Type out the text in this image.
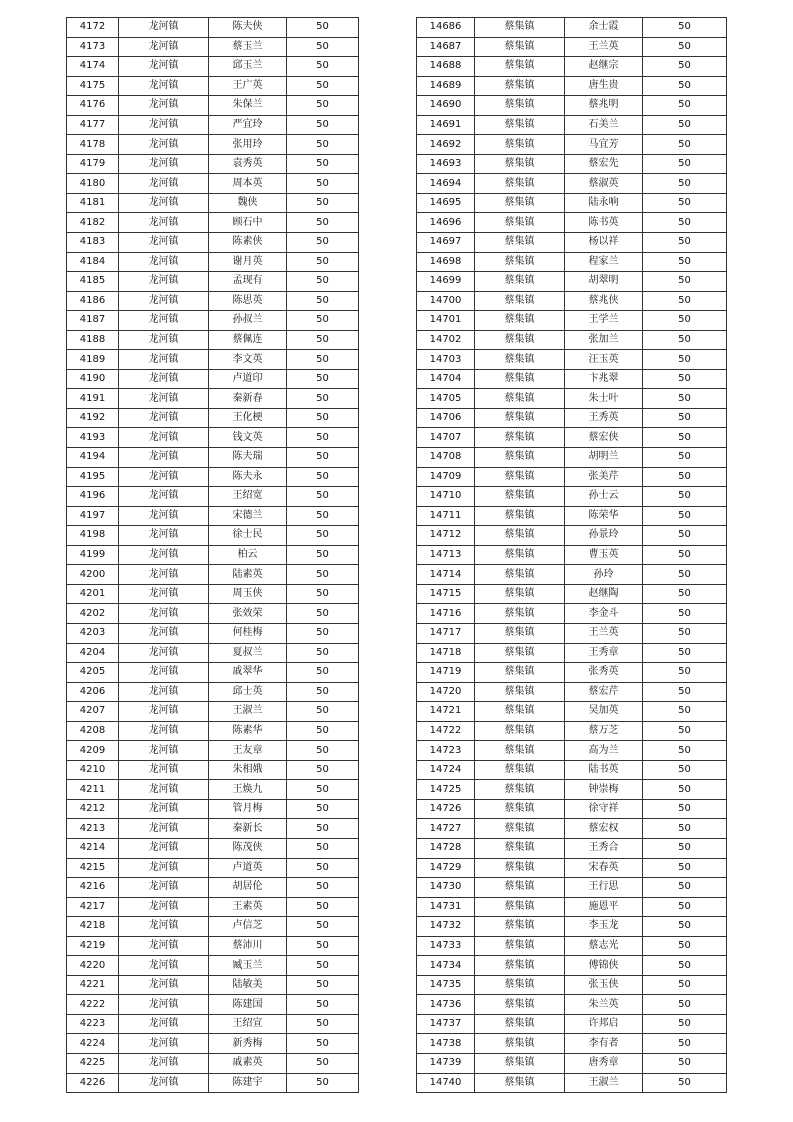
4172	龙河镇	陈夫侠	50
4173	龙河镇	蔡玉兰	50
4174	龙河镇	邱玉兰	50
4175	龙河镇	王广英	50
4176	龙河镇	朱保兰	50
4177	龙河镇	严宜玲	50
4178	龙河镇	张用玲	50
4179	龙河镇	袁秀英	50
4180	龙河镇	周本英	50
4181	龙河镇	魏侠	50
4182	龙河镇	顾石中	50
4183	龙河镇	陈素侠	50
4184	龙河镇	谢月英	50
4185	龙河镇	孟现有	50
4186	龙河镇	陈思英	50
4187	龙河镇	孙叔兰	50
4188	龙河镇	蔡佩连	50
4189	龙河镇	李文英	50
4190	龙河镇	卢道印	50
4191	龙河镇	秦新春	50
4192	龙河镇	王化梗	50
4193	龙河镇	钱文英	50
4194	龙河镇	陈夫瑞	50
4195	龙河镇	陈夫永	50
4196	龙河镇	王绍宽	50
4197	龙河镇	宋德兰	50
4198	龙河镇	徐士民	50
4199	龙河镇	柏云	50
4200	龙河镇	陆素英	50
4201	龙河镇	周玉侠	50
4202	龙河镇	张效荣	50
4203	龙河镇	何桂梅	50
4204	龙河镇	夏叔兰	50
4205	龙河镇	戚翠华	50
4206	龙河镇	邱士英	50
4207	龙河镇	王淑兰	50
4208	龙河镇	陈素华	50
4209	龙河镇	王友章	50
4210	龙河镇	朱相娥	50
4211	龙河镇	王焕九	50
4212	龙河镇	管月梅	50
4213	龙河镇	秦新长	50
4214	龙河镇	陈茂侠	50
4215	龙河镇	卢道英	50
4216	龙河镇	胡居伦	50
4217	龙河镇	王素英	50
4218	龙河镇	卢信芝	50
4219	龙河镇	蔡沛川	50
4220	龙河镇	臧玉兰	50
4221	龙河镇	陆敏美	50
4222	龙河镇	陈建国	50
4223	龙河镇	王绍宣	50
4224	龙河镇	新秀梅	50
4225	龙河镇	戚素英	50
4226	龙河镇	陈建宇	50
14686	蔡集镇	余士霞	50
14687	蔡集镇	王兰英	50
14688	蔡集镇	赵继宗	50
14689	蔡集镇	唐生贵	50
14690	蔡集镇	蔡兆明	50
14691	蔡集镇	石美兰	50
14692	蔡集镇	马宜芳	50
14693	蔡集镇	蔡宏先	50
14694	蔡集镇	蔡淑英	50
14695	蔡集镇	陆永响	50
14696	蔡集镇	陈书英	50
14697	蔡集镇	杨以祥	50
14698	蔡集镇	程家兰	50
14699	蔡集镇	胡翠明	50
14700	蔡集镇	蔡兆侠	50
14701	蔡集镇	王学兰	50
14702	蔡集镇	张加兰	50
14703	蔡集镇	汪玉英	50
14704	蔡集镇	卞兆翠	50
14705	蔡集镇	朱士叶	50
14706	蔡集镇	王秀英	50
14707	蔡集镇	蔡宏侠	50
14708	蔡集镇	胡明兰	50
14709	蔡集镇	张美芹	50
14710	蔡集镇	孙士云	50
14711	蔡集镇	陈荣华	50
14712	蔡集镇	孙景玲	50
14713	蔡集镇	曹玉英	50
14714	蔡集镇	孙玲	50
14715	蔡集镇	赵继陶	50
14716	蔡集镇	李金斗	50
14717	蔡集镇	王兰英	50
14718	蔡集镇	王秀章	50
14719	蔡集镇	张秀英	50
14720	蔡集镇	蔡宏芹	50
14721	蔡集镇	吴加英	50
14722	蔡集镇	蔡万芝	50
14723	蔡集镇	高为兰	50
14724	蔡集镇	陆书英	50
14725	蔡集镇	钟崇梅	50
14726	蔡集镇	徐守祥	50
14727	蔡集镇	蔡宏权	50
14728	蔡集镇	王秀合	50
14729	蔡集镇	宋春英	50
14730	蔡集镇	王行思	50
14731	蔡集镇	施恩平	50
14732	蔡集镇	李玉龙	50
14733	蔡集镇	蔡志光	50
14734	蔡集镇	傅锦侠	50
14735	蔡集镇	张玉侠	50
14736	蔡集镇	朱兰英	50
14737	蔡集镇	许邦启	50
14738	蔡集镇	李有者	50
14739	蔡集镇	唐秀章	50
14740	蔡集镇	王淑兰	50
